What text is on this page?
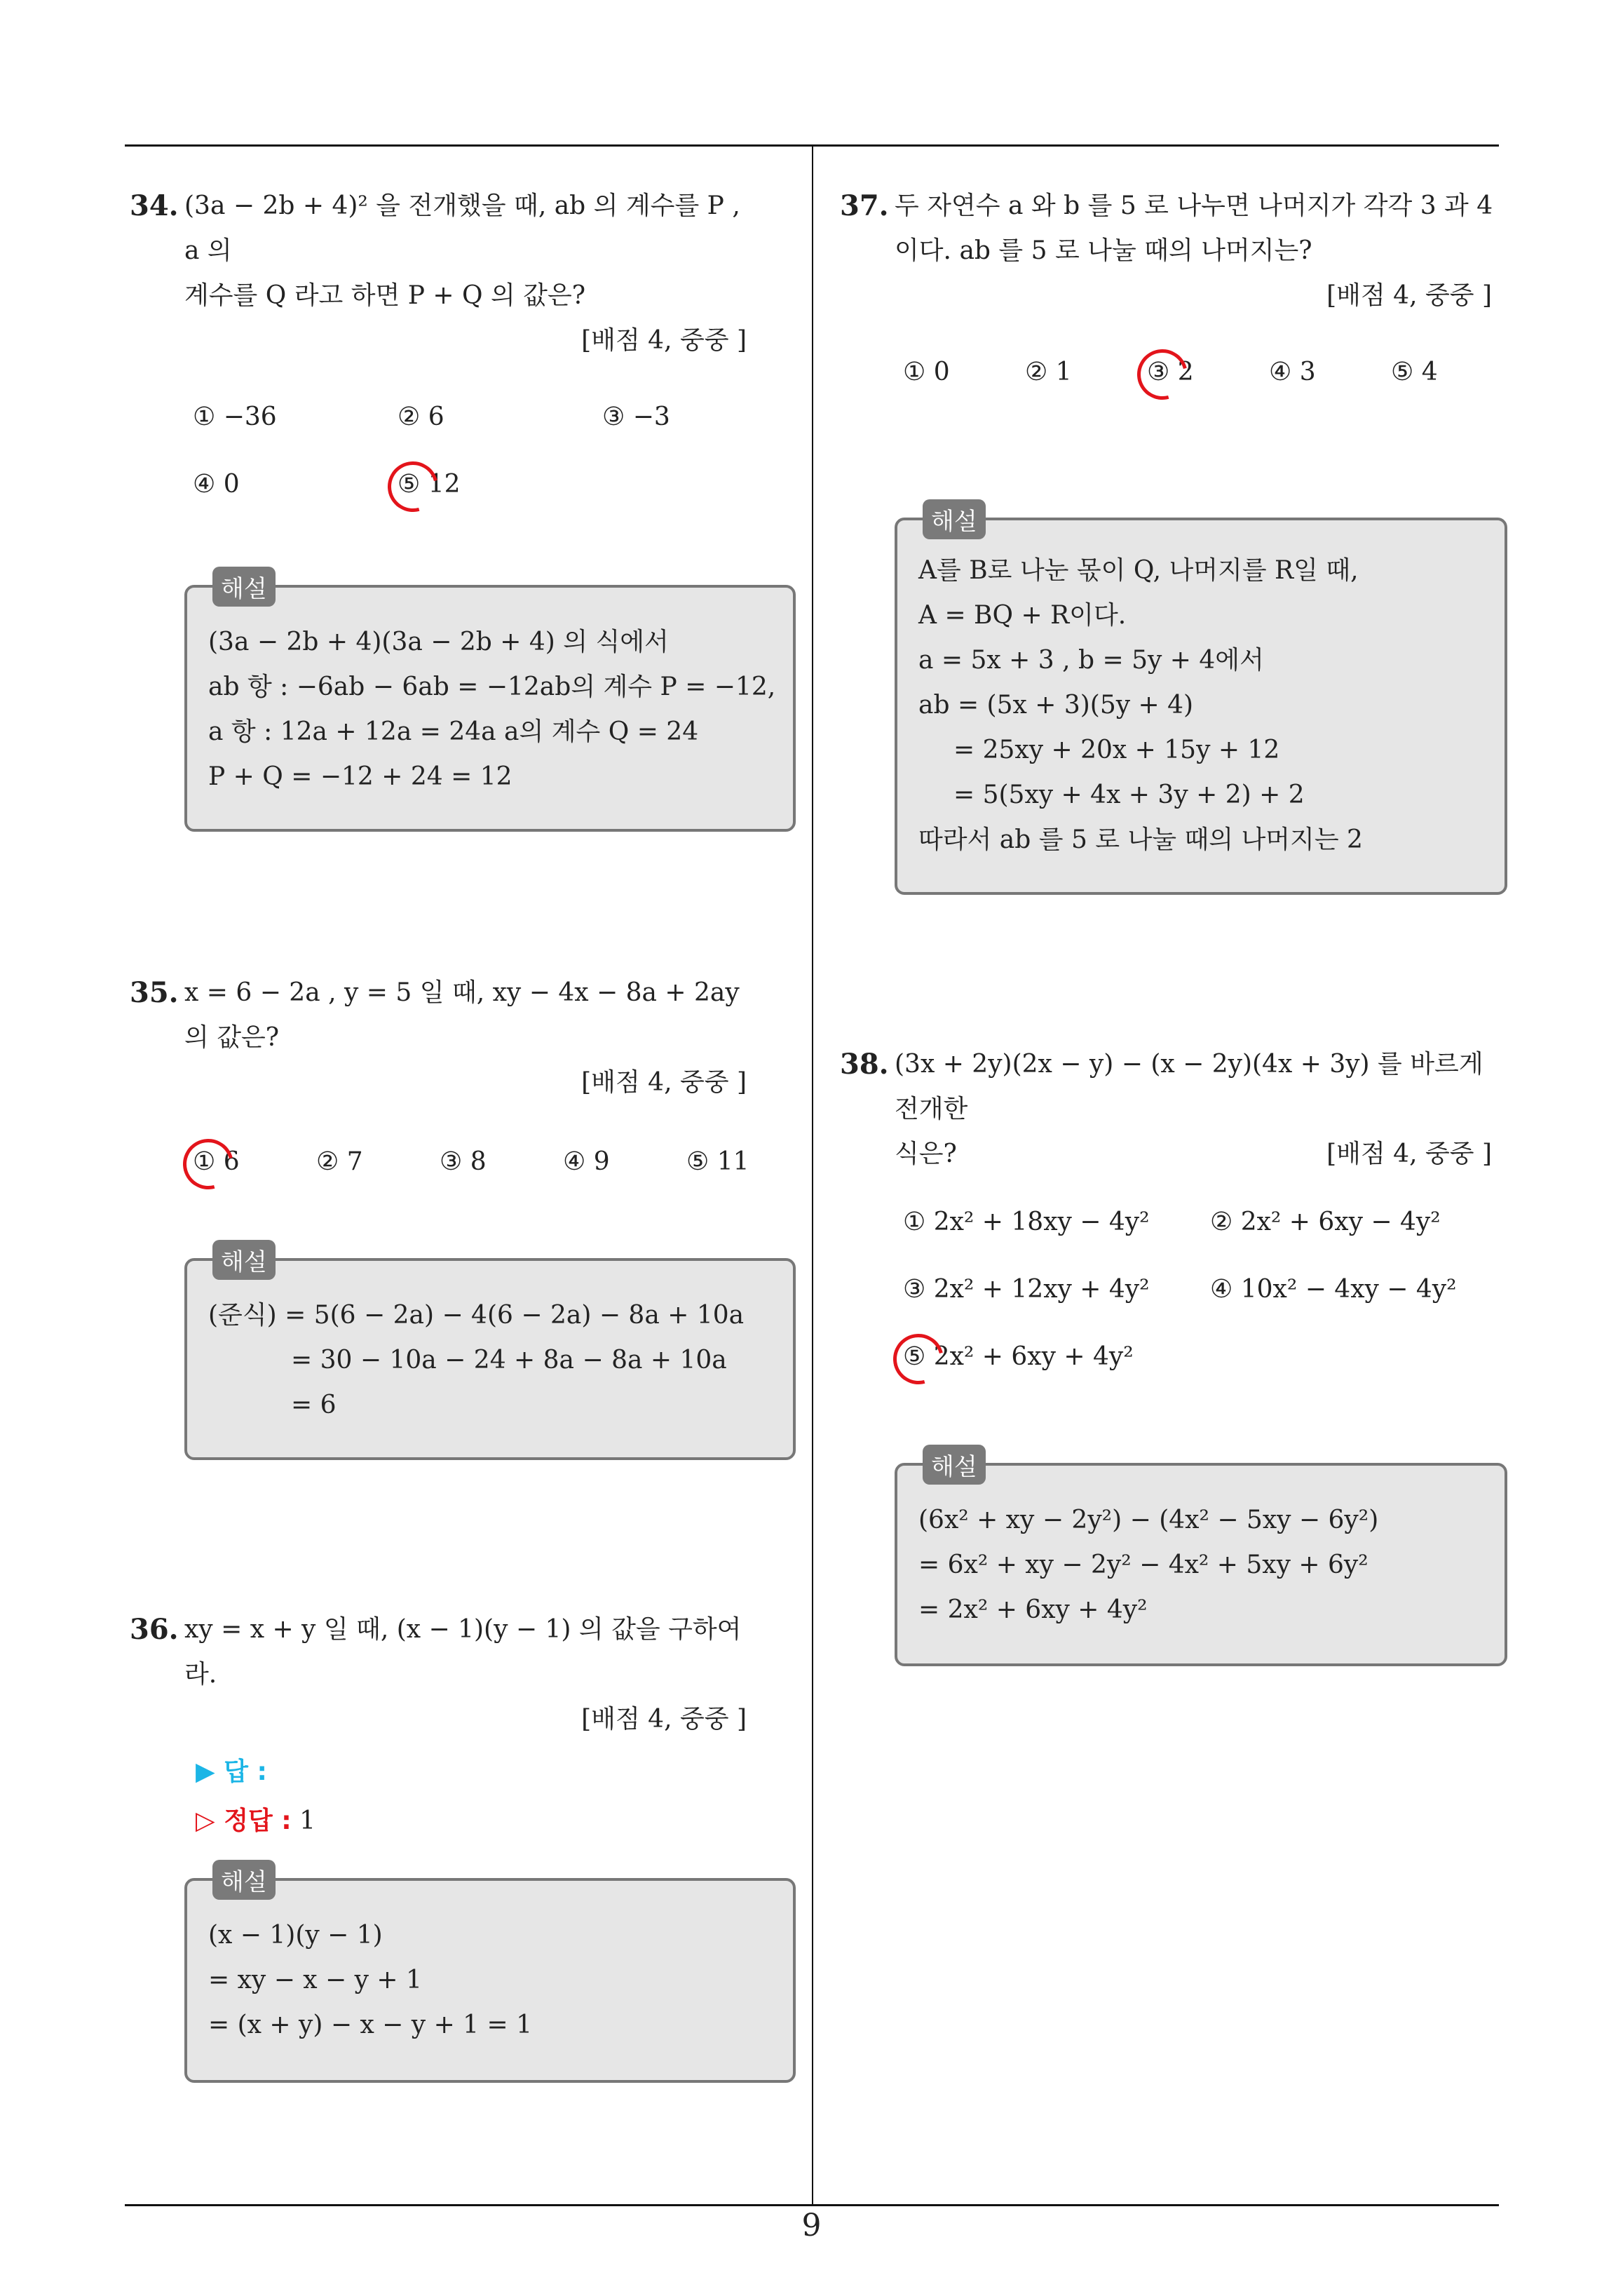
34. (3a − 2b + 4)² 을 전개했을 때, ab 의 계수를 P , a 의
계수를 Q 라고 하면 P + Q 의 값은?
[배점 4, 중중 ]
① −36	② 6	③ −3
④ 0	⑤ 12
해설
(3a − 2b + 4)(3a − 2b + 4) 의 식에서
ab 항 : −6ab − 6ab = −12ab의 계수 P = −12,
a 항 : 12a + 12a = 24a a의 계수 Q = 24
P + Q = −12 + 24 = 12
35. x = 6 − 2a , y = 5 일 때, xy − 4x − 8a + 2ay 의 값은?
[배점 4, 중중 ]
① 6	② 7	③ 8	④ 9	⑤ 11
해설
(준식) = 5(6 − 2a) − 4(6 − 2a) − 8a + 10a
= 30 − 10a − 24 + 8a − 8a + 10a
= 6
36. xy = x + y 일 때, (x − 1)(y − 1) 의 값을 구하여라.
[배점 4, 중중 ]
▶ 답 :
▷ 정답 : 1
해설
(x − 1)(y − 1)
= xy − x − y + 1
= (x + y) − x − y + 1 = 1
37. 두 자연수 a 와 b 를 5 로 나누면 나머지가 각각 3 과 4
이다. ab 를 5 로 나눌 때의 나머지는?
[배점 4, 중중 ]
① 0	② 1	③ 2	④ 3	⑤ 4
해설
A를 B로 나눈 몫이 Q, 나머지를 R일 때,
A = BQ + R이다.
a = 5x + 3 , b = 5y + 4에서
ab = (5x + 3)(5y + 4)
= 25xy + 20x + 15y + 12
= 5(5xy + 4x + 3y + 2) + 2
따라서 ab 를 5 로 나눌 때의 나머지는 2
38. (3x + 2y)(2x − y) − (x − 2y)(4x + 3y) 를 바르게 전개한
식은?	[배점 4, 중중 ]
① 2x² + 18xy − 4y² ② 2x² + 6xy − 4y²
③ 2x² + 12xy + 4y² ④ 10x² − 4xy − 4y²
⑤ 2x² + 6xy + 4y²
해설
(6x² + xy − 2y²) − (4x² − 5xy − 6y²)
= 6x² + xy − 2y² − 4x² + 5xy + 6y²
= 2x² + 6xy + 4y²
9
